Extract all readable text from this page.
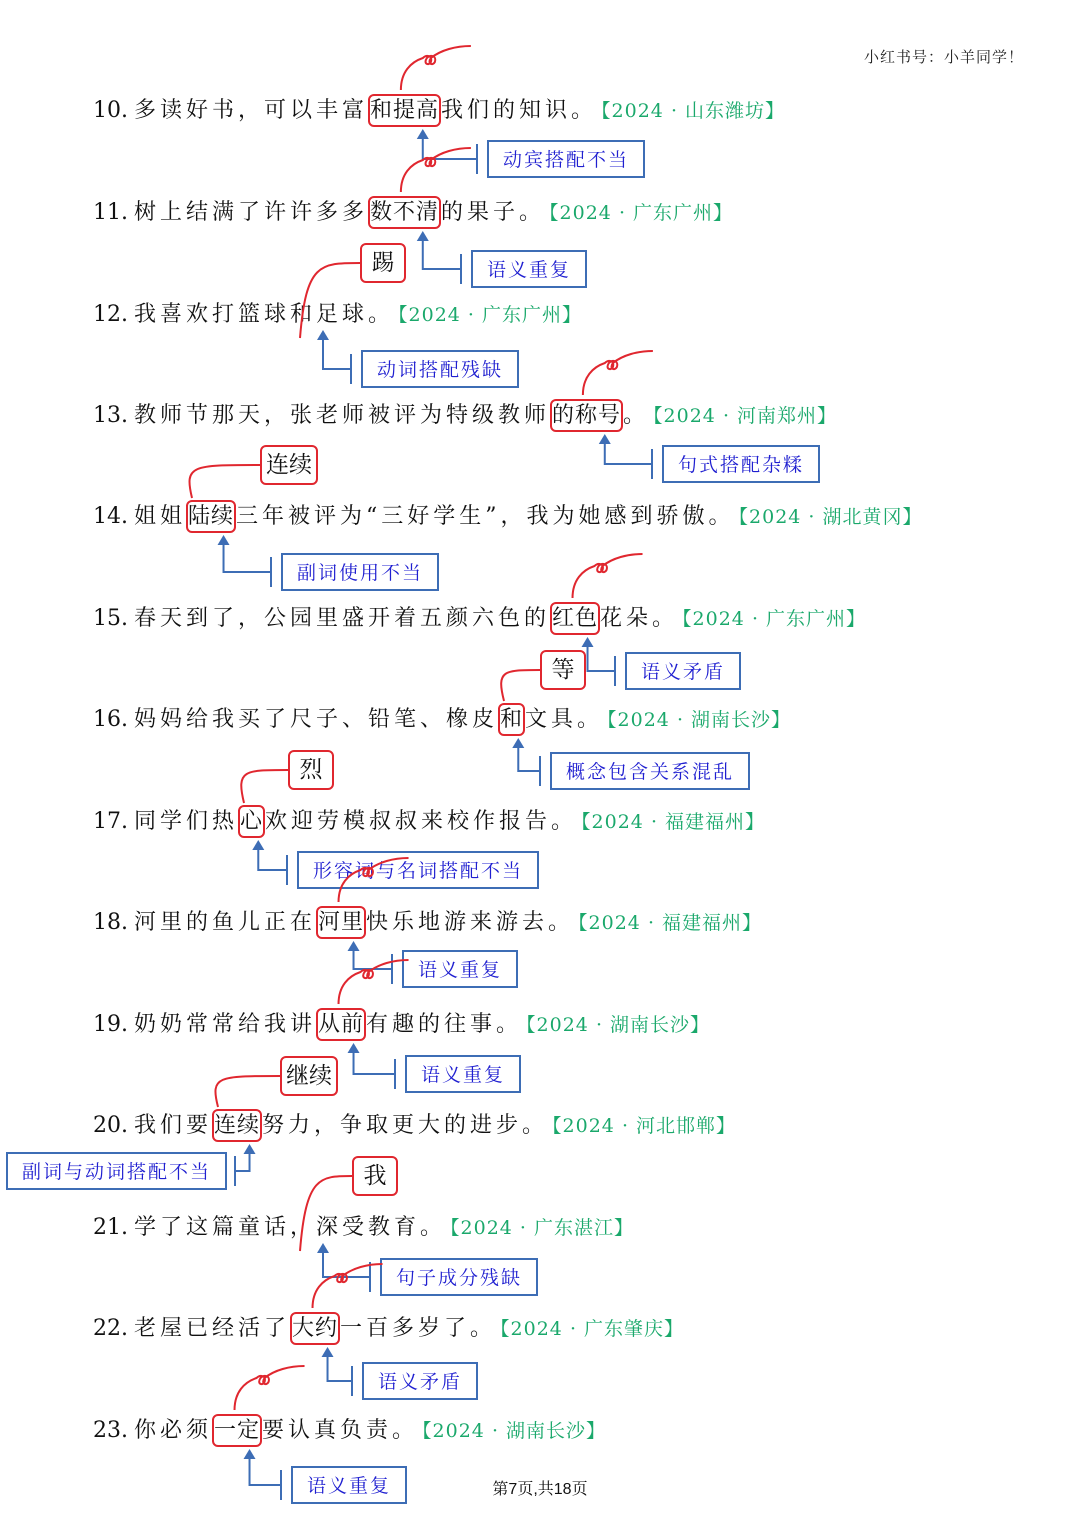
小红书号：小羊同学！
10. 多读好书，可以丰富和提高我们的知识。 【2024 · 山东潍坊】
动宾搭配不当
11. 树上结满了许许多多数不清的果子。 【2024 · 广东广州】
语义重复
12. 我喜欢打篮球和足球。 【2024 · 广东广州】
动词搭配残缺
踢
13. 教师节那天，张老师被评为特级教师的称号。 【2024 · 河南郑州】
句式搭配杂糅
14. 姐姐陆续三年被评为“三好学生”，我为她感到骄傲。 【2024 · 湖北黄冈】
副词使用不当
连续
15. 春天到了，公园里盛开着五颜六色的红色花朵。 【2024 · 广东广州】
语义矛盾
16. 妈妈给我买了尺子、铅笔、橡皮和文具。 【2024 · 湖南长沙】
概念包含关系混乱
等
17. 同学们热心欢迎劳模叔叔来校作报告。 【2024 · 福建福州】
形容词与名词搭配不当
烈
18. 河里的鱼儿正在河里快乐地游来游去。 【2024 · 福建福州】
语义重复
19. 奶奶常常给我讲从前有趣的往事。 【2024 · 湖南长沙】
语义重复
20. 我们要连续努力，争取更大的进步。 【2024 · 河北邯郸】
副词与动词搭配不当
继续
21. 学了这篇童话，深受教育。 【2024 · 广东湛江】
句子成分残缺
我
22. 老屋已经活了大约一百多岁了。 【2024 · 广东肇庆】
语义矛盾
23. 你必须一定要认真负责。 【2024 · 湖南长沙】
语义重复	第7页,共18页
